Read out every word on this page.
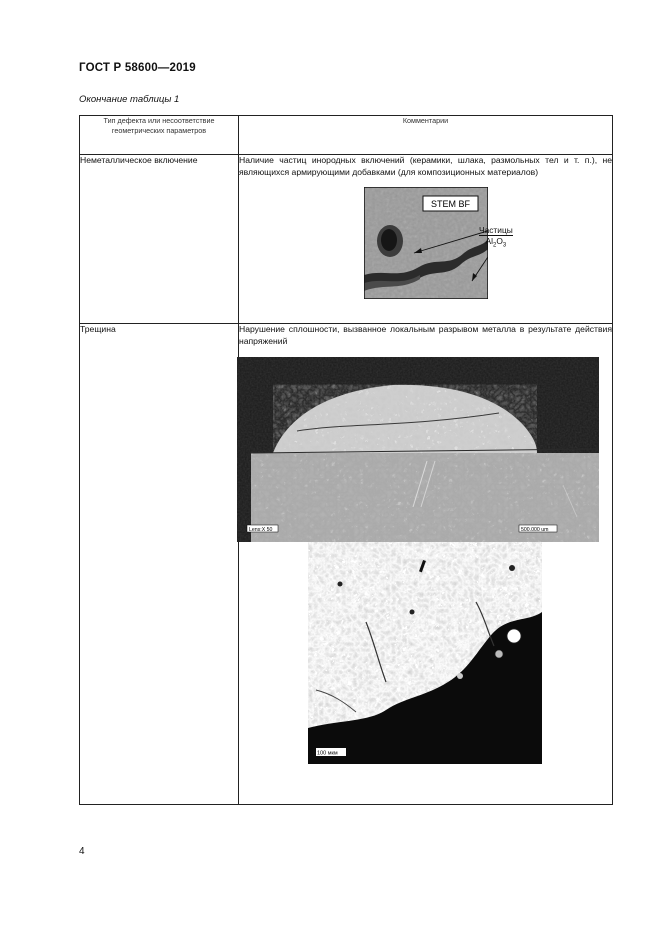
ГОСТ Р 58600—2019
Окончание таблицы 1
Тип дефекта или несоответствие геометрических параметров	Комментарии
Неметаллическое включение	Наличие частиц инородных включений (керамики, шлака, размольных тел и т. п.), не являющихся армирующими добавками (для композиционных материалов)
STEM BF

Трещина	Нарушение сплошности, вызванное локальным разрывом металла в результате действия напряжений
Lens:X 50 500.000 um
100 мкм
Частицы
$Al_2O_3$
4
